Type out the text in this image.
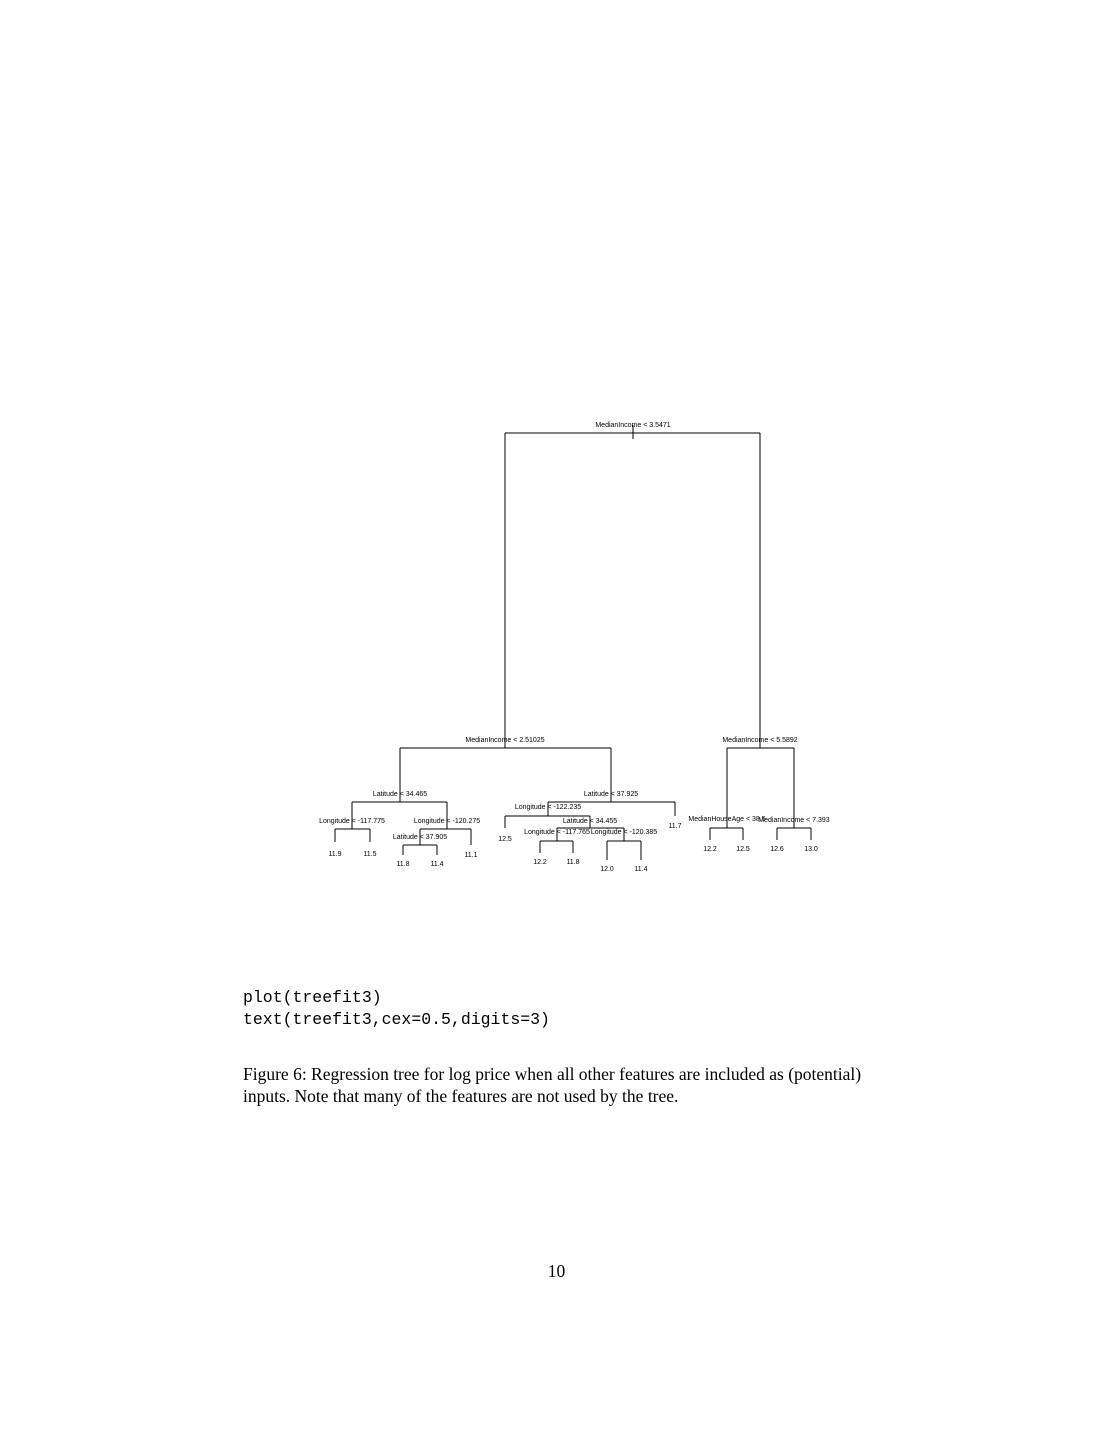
MedianIncome < 3.5471
MedianIncome < 2.51025	MedianIncome < 5.5892
Latitude < 34.465	Latitude < 37.925
Longitude < -117.775	Longitude < -120.275
Latitude < 37.905
Longitude < -122.235
Latitude < 34.455
Longitude < -117.765 Longitude < -120.385
MedianHouseAge < 38.5
MedianIncome < 7.393
11.9	11.5
11.8	11.4
11.1
12.5
12.2	11.8
12.0	11.4
11.7
12.2	12.5	12.6	13.0
plot(treefit3)
text(treefit3,cex=0.5,digits=3)
Figure 6: Regression tree for log price when all other features are included as (potential) inputs. Note that many of the features are not used by the tree.
10
